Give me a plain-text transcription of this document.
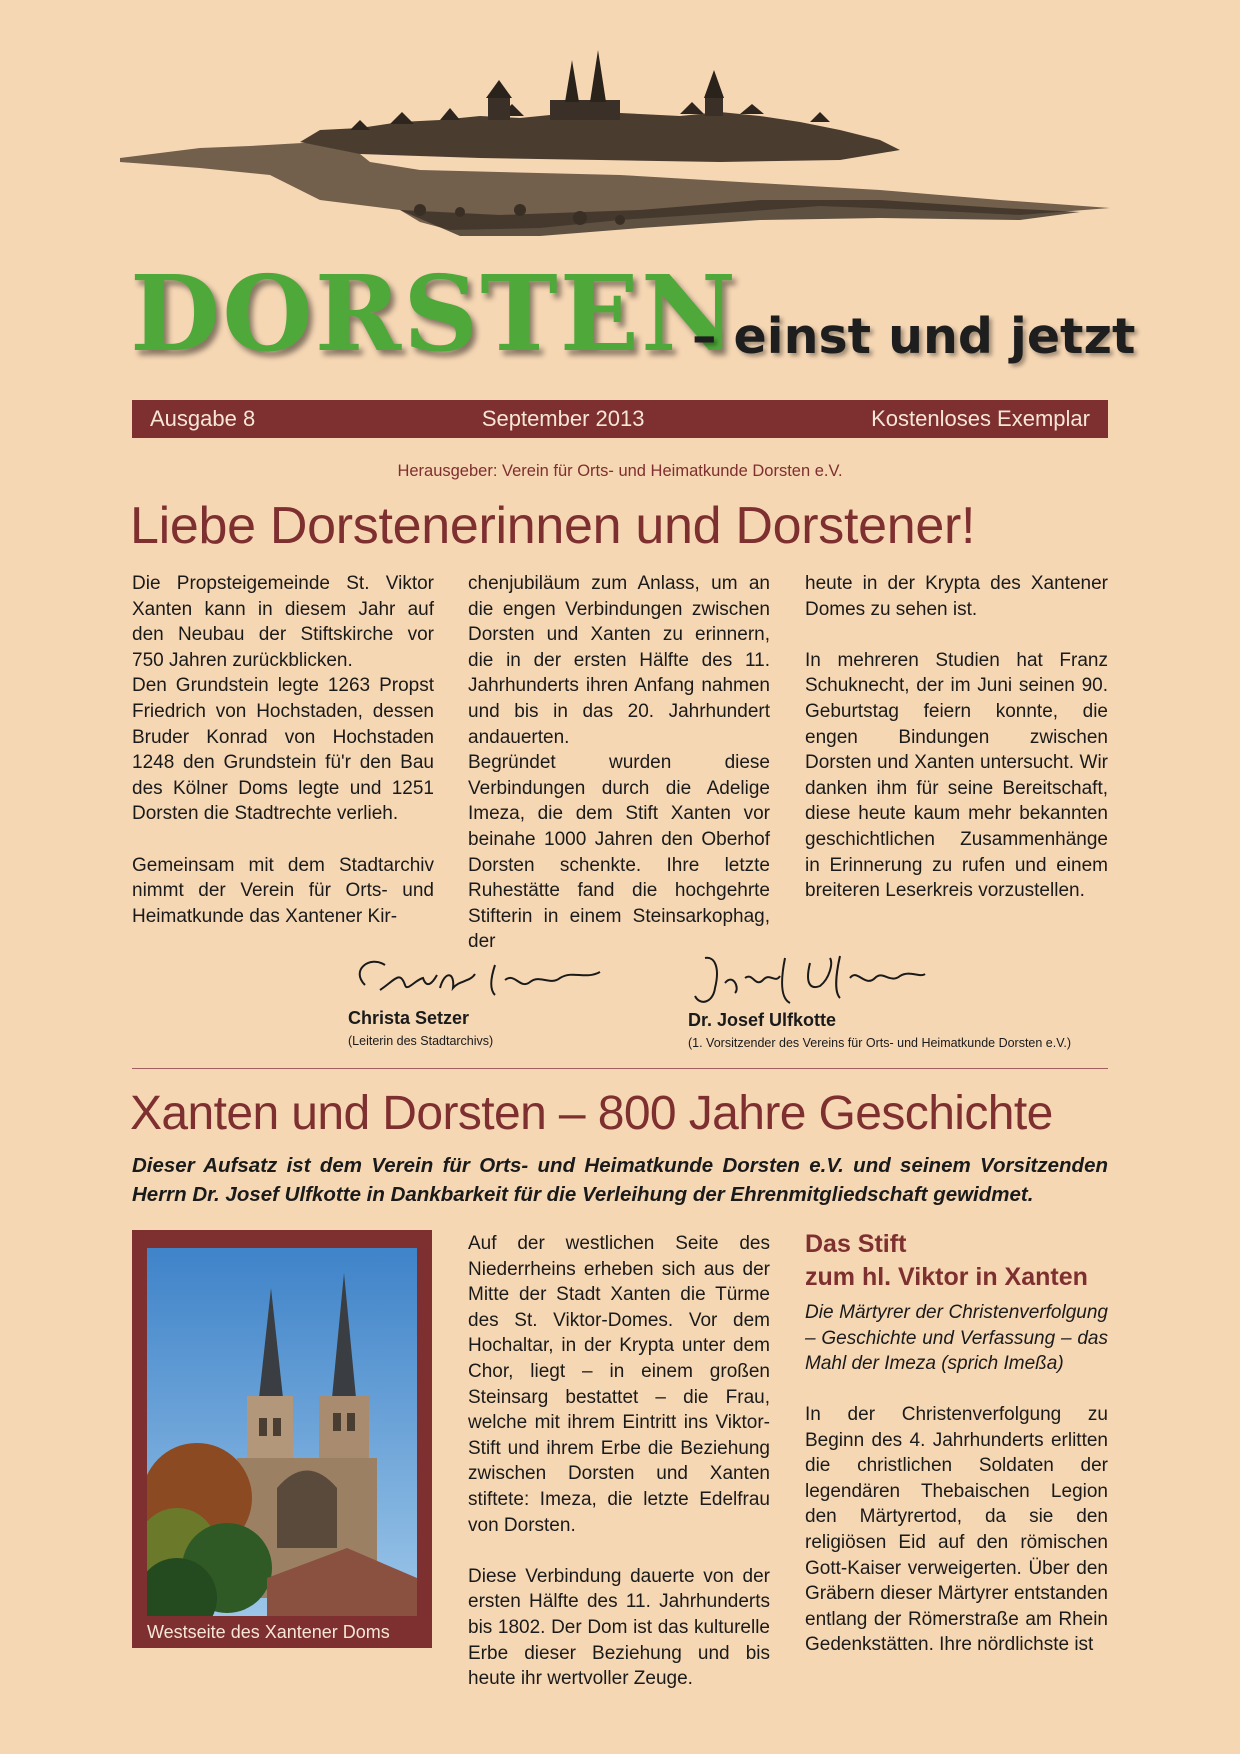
DORSTEN
– einst und jetzt
Ausgabe 8	September 2013	Kostenloses Exemplar
Herausgeber: Verein für Orts- und Heimatkunde Dorsten e.V.
Liebe Dorstenerinnen und Dorstener!

Die Propsteigemeinde St. Viktor Xanten kann in diesem Jahr auf den Neubau der Stiftskirche vor 750 Jahren zurückblicken.

Den Grundstein legte 1263 Propst Friedrich von Hochstaden, dessen Bruder Konrad von Hochstaden 1248 den Grundstein fü'r den Bau des Kölner Doms legte und 1251 Dorsten die Stadtrechte verlieh.

Gemeinsam mit dem Stadtarchiv nimmt der Verein für Orts- und Heimatkunde das Xantener Kir-

chenjubiläum zum Anlass, um an die engen Verbindungen zwischen Dorsten und Xanten zu erinnern, die in der ersten Hälfte des 11. Jahrhunderts ihren Anfang nahmen und bis in das 20. Jahrhundert andauerten.

Begründet wurden diese Verbindungen durch die Adelige Imeza, die dem Stift Xanten vor beinahe 1000 Jahren den Oberhof Dorsten schenkte. Ihre letzte Ruhestätte fand die hochgehrte Stifterin in einem Steinsarkophag, der

heute in der Krypta des Xantener Domes zu sehen ist.

In mehreren Studien hat Franz Schuknecht, der im Juni seinen 90. Geburtstag feiern konnte, die engen Bindungen zwischen Dorsten und Xanten untersucht. Wir danken ihm für seine Bereitschaft, diese heute kaum mehr bekannten geschichtlichen Zusammenhänge in Erinnerung zu rufen und einem breiteren Leserkreis vorzustellen.

Christa Setzer
(Leiterin des Stadtarchivs)
Dr. Josef Ulfkotte
(1. Vorsitzender des Vereins für Orts- und Heimatkunde Dorsten e.V.)
Xanten und Dorsten – 800 Jahre Geschichte
Dieser Aufsatz ist dem Verein für Orts- und Heimatkunde Dorsten e.V. und seinem Vorsitzenden Herrn Dr. Josef Ulfkotte in Dankbarkeit für die Verleihung der Ehrenmitgliedschaft gewidmet.
Westseite des Xantener Doms

Auf der westlichen Seite des Niederrheins erheben sich aus der Mitte der Stadt Xanten die Türme des St. Viktor-Domes. Vor dem Hochaltar, in der Krypta unter dem Chor, liegt – in einem großen Steinsarg bestattet – die Frau, welche mit ihrem Eintritt ins Viktor-Stift und ihrem Erbe die Beziehung zwischen Dorsten und Xanten stiftete: Imeza, die letzte Edelfrau von Dorsten.

Diese Verbindung dauerte von der ersten Hälfte des 11. Jahrhunderts bis 1802. Der Dom ist das kulturelle Erbe dieser Beziehung und bis heute ihr wertvoller Zeuge.

Das Stift
zum hl. Viktor in Xanten
Die Märtyrer der Christenverfolgung – Geschichte und Verfassung – das Mahl der Imeza (sprich Imeßa)

In der Christenverfolgung zu Beginn des 4. Jahrhunderts erlitten die christlichen Soldaten der legendären Thebaischen Legion den Märtyrertod, da sie den religiösen Eid auf den römischen Gott-Kaiser verweigerten. Über den Gräbern dieser Märtyrer entstanden entlang der Römerstraße am Rhein Gedenkstätten. Ihre nördlichste ist
